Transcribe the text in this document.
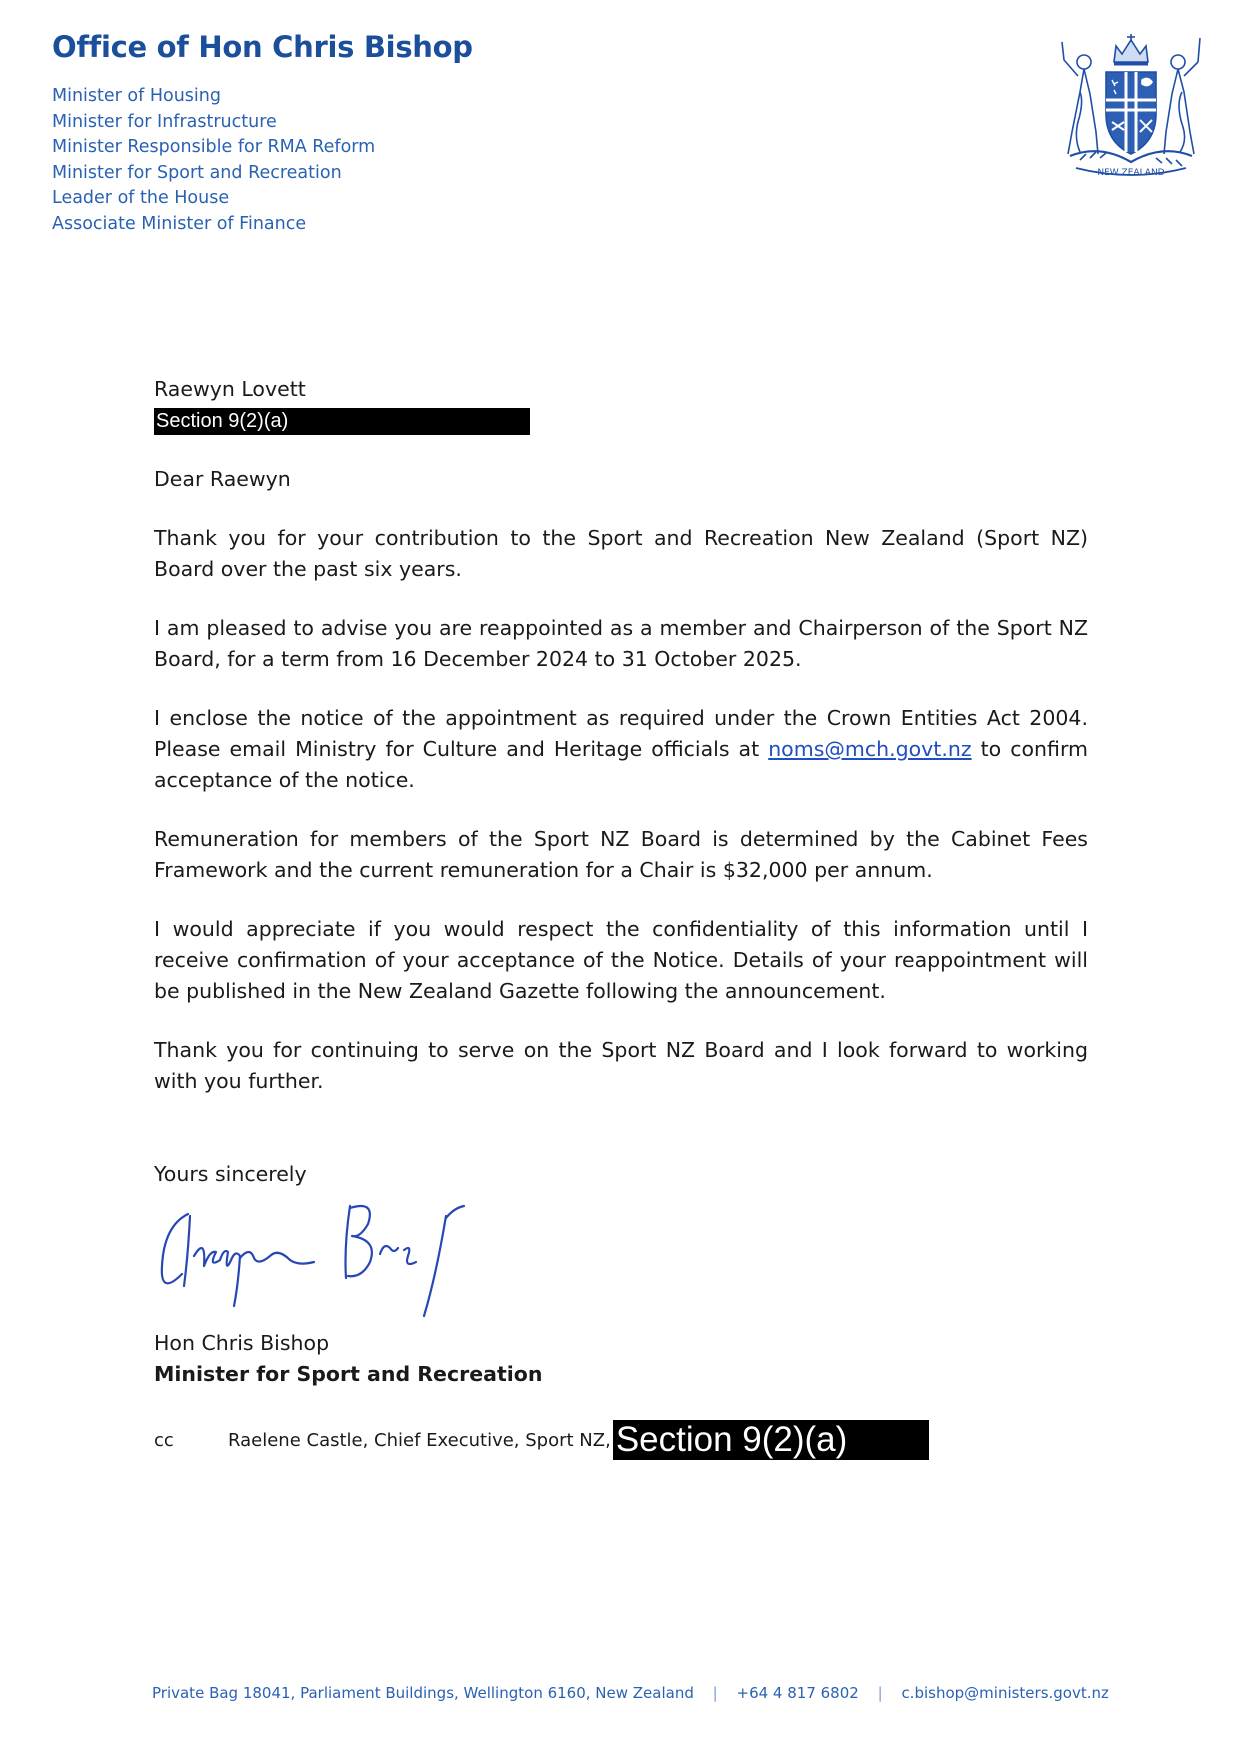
Office of Hon Chris Bishop
Minister of Housing
Minister for Infrastructure
Minister Responsible for RMA Reform
Minister for Sport and Recreation
Leader of the House
Associate Minister of Finance
NEW ZEALAND

Raewyn Lovett

Section 9(2)(a)

Dear Raewyn

Thank you for your contribution to the Sport and Recreation New Zealand (Sport NZ) Board over the past six years.

I am pleased to advise you are reappointed as a member and Chairperson of the Sport NZ Board, for a term from 16 December 2024 to 31 October 2025.

I enclose the notice of the appointment as required under the Crown Entities Act 2004. Please email Ministry for Culture and Heritage officials at noms@mch.govt.nz to confirm acceptance of the notice.

Remuneration for members of the Sport NZ Board is determined by the Cabinet Fees Framework and the current remuneration for a Chair is $32,000 per annum.

I would appreciate if you would respect the confidentiality of this information until I receive confirmation of your acceptance of the Notice. Details of your reappointment will be published in the New Zealand Gazette following the announcement.

Thank you for continuing to serve on the Sport NZ Board and I look forward to working with you further.

Yours sincerely

Hon Chris Bishop

Minister for Sport and Recreation

cc	Raelene Castle, Chief Executive, Sport NZ, Section 9(2)(a)
Private Bag 18041, Parliament Buildings, Wellington 6160, New Zealand | +64 4 817 6802 | c.bishop@ministers.govt.nz
